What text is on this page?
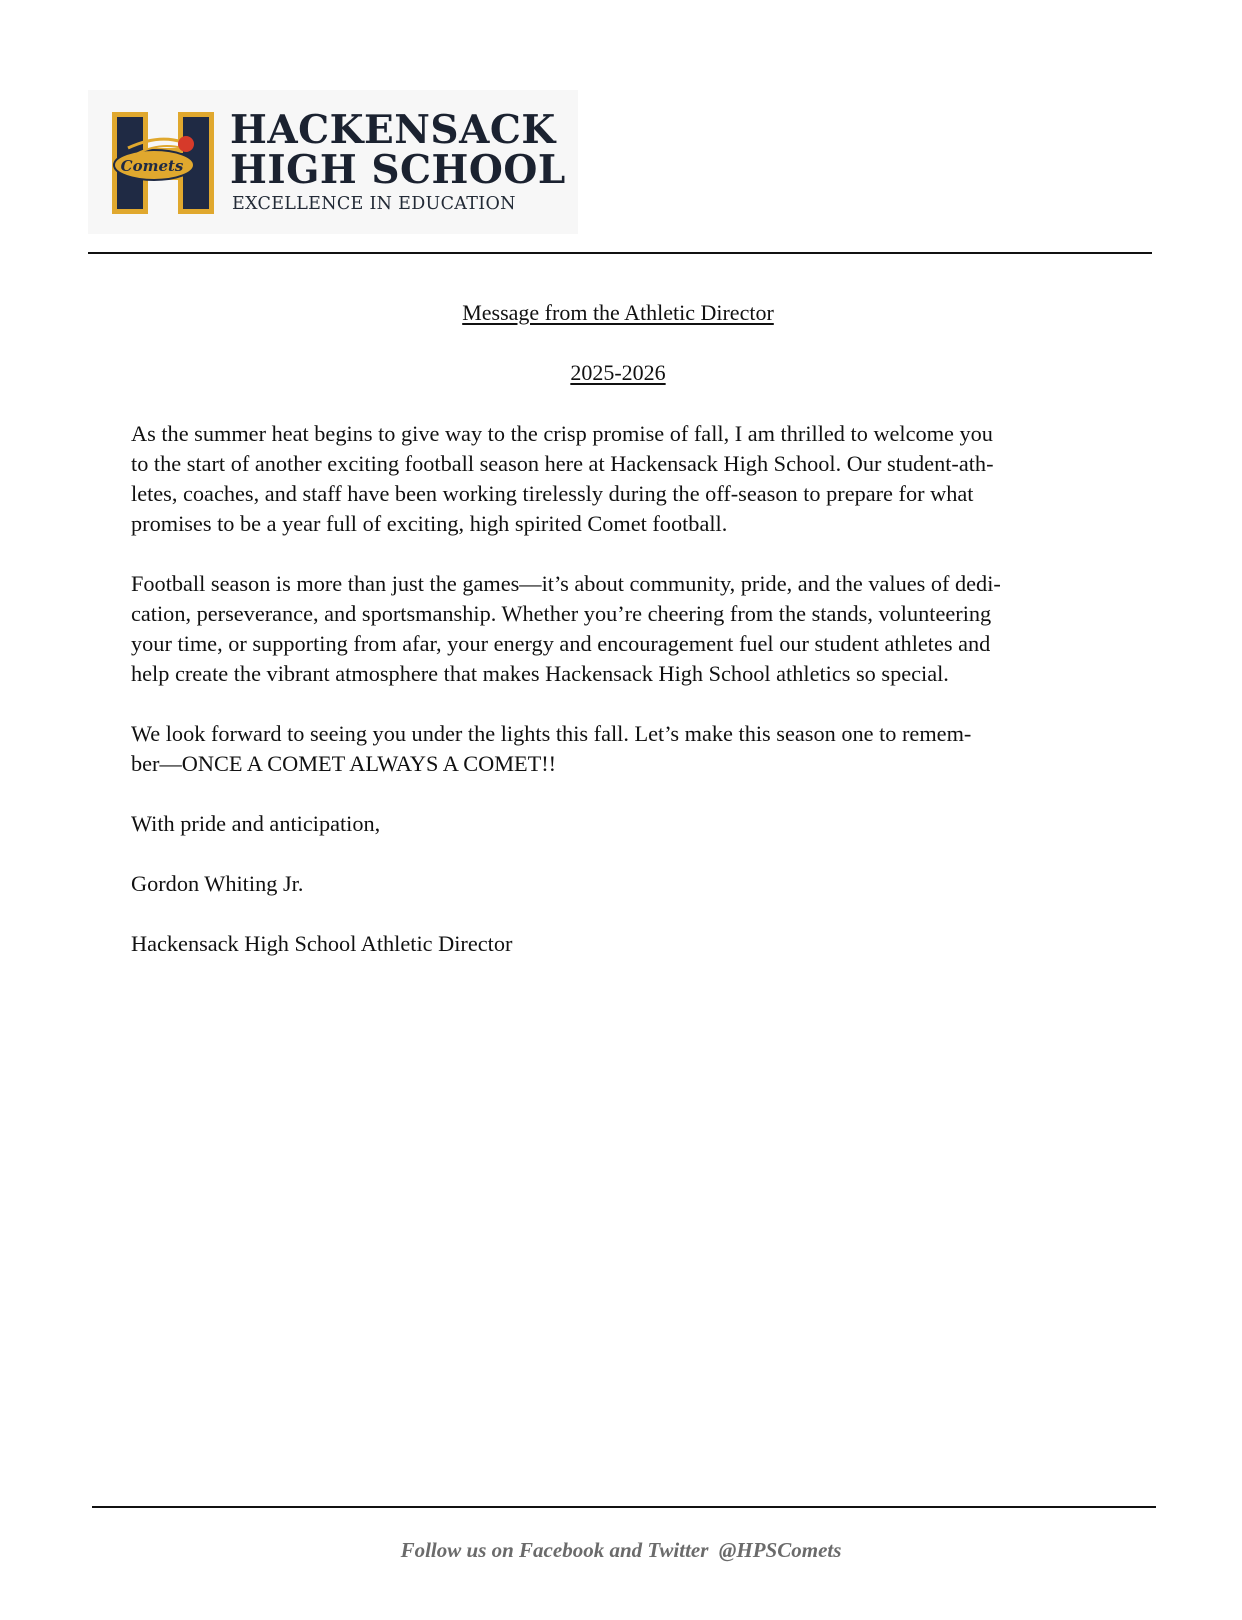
Comets
HACKENSACK
HIGH SCHOOL
EXCELLENCE IN EDUCATION
Message from the Athletic Director
2025-2026
As the summer heat begins to give way to the crisp promise of fall, I am thrilled to welcome you
to the start of another exciting football season here at Hackensack High School. Our student-ath-
letes, coaches, and staff have been working tirelessly during the off-season to prepare for what
promises to be a year full of exciting, high spirited Comet football.
Football season is more than just the games—it’s about community, pride, and the values of dedi-
cation, perseverance, and sportsmanship. Whether you’re cheering from the stands, volunteering
your time, or supporting from afar, your energy and encouragement fuel our student athletes and
help create the vibrant atmosphere that makes Hackensack High School athletics so special.
We look forward to seeing you under the lights this fall. Let’s make this season one to remem-
ber—ONCE A COMET ALWAYS A COMET!!
With pride and anticipation,
Gordon Whiting Jr.
Hackensack High School Athletic Director
Follow us on Facebook and Twitter  @HPSComets
